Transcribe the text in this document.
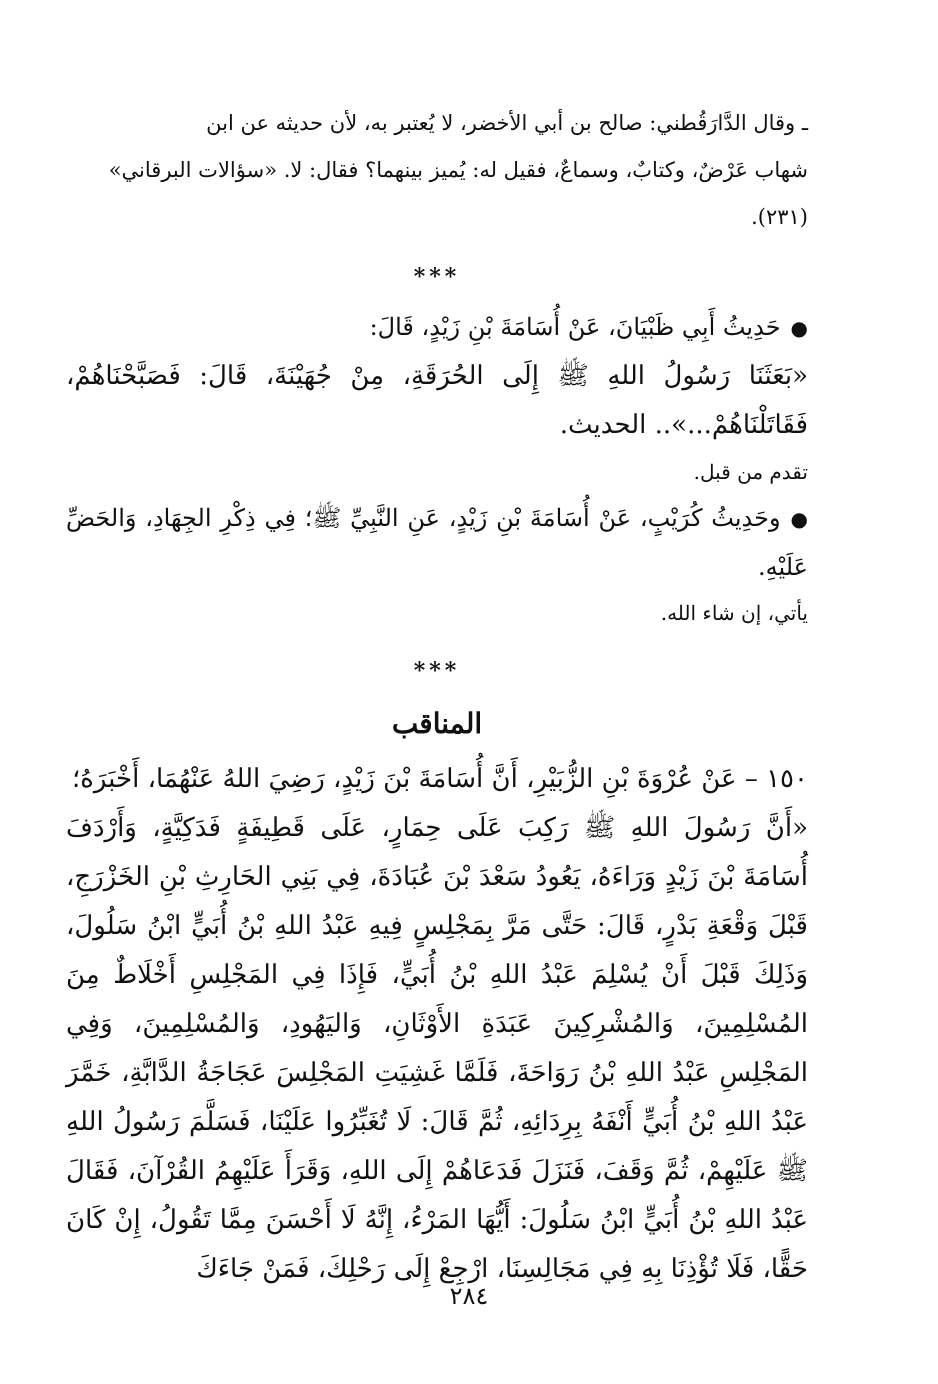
ـ وقال الدَّارَقُطني: صالح بن أبي الأخضر، لا يُعتبر به، لأن حديثه عن ابن

شهاب عَرْضٌ، وكتابٌ، وسماعٌ، فقيل له: يُميز بينهما؟ فقال: لا. «سؤالات البرقاني»

(٢٣١).

***

●حَدِيثُ أَبِي ظَبْيَانَ، عَنْ أُسَامَةَ بْنِ زَيْدٍ، قَالَ:

«بَعَثَنَا رَسُولُ اللهِ ﷺ إِلَى الحُرَقَةِ، مِنْ جُهَيْنَةَ، قَالَ: فَصَبَّحْنَاهُمْ، فَقَاتَلْنَاهُمْ...».. الحديث.

تقدم من قبل.

●وحَدِيثُ كُرَيْبٍ، عَنْ أُسَامَةَ بْنِ زَيْدٍ، عَنِ النَّبِيِّ ﷺ؛ فِي ذِكْرِ الجِهَادِ، وَالحَضِّ عَلَيْهِ.

يأتي، إن شاء الله.

***
المناقب

١٥٠ – عَنْ عُرْوَةَ بْنِ الزُّبَيْرِ، أَنَّ أُسَامَةَ بْنَ زَيْدٍ، رَضِيَ اللهُ عَنْهُمَا، أَخْبَرَهُ؛

«أَنَّ رَسُولَ اللهِ ﷺ رَكِبَ عَلَى حِمَارٍ، عَلَى قَطِيفَةٍ فَدَكِيَّةٍ، وَأَرْدَفَ أُسَامَةَ بْنَ زَيْدٍ وَرَاءَهُ، يَعُودُ سَعْدَ بْنَ عُبَادَةَ، فِي بَنِي الحَارِثِ بْنِ الخَزْرَجِ، قَبْلَ وَقْعَةِ بَدْرٍ، قَالَ: حَتَّى مَرَّ بِمَجْلِسٍ فِيهِ عَبْدُ اللهِ بْنُ أُبَيٍّ ابْنُ سَلُولَ، وَذَلِكَ قَبْلَ أَنْ يُسْلِمَ عَبْدُ اللهِ بْنُ أُبَيٍّ، فَإِذَا فِي المَجْلِسِ أَخْلَاطٌ مِنَ المُسْلِمِينَ، وَالمُشْرِكِينَ عَبَدَةِ الأَوْثَانِ، وَاليَهُودِ، وَالمُسْلِمِينَ، وَفِي المَجْلِسِ عَبْدُ اللهِ بْنُ رَوَاحَةَ، فَلَمَّا غَشِيَتِ المَجْلِسَ عَجَاجَةُ الدَّابَّةِ، خَمَّرَ عَبْدُ اللهِ بْنُ أُبَيٍّ أَنْفَهُ بِرِدَائِهِ، ثُمَّ قَالَ: لَا تُغَبِّرُوا عَلَيْنَا، فَسَلَّمَ رَسُولُ اللهِ ﷺ عَلَيْهِمْ، ثُمَّ وَقَفَ، فَنَزَلَ فَدَعَاهُمْ إِلَى اللهِ، وَقَرَأَ عَلَيْهِمُ القُرْآنَ، فَقَالَ عَبْدُ اللهِ بْنُ أُبَيٍّ ابْنُ سَلُولَ: أَيُّهَا المَرْءُ، إِنَّهُ لَا أَحْسَنَ مِمَّا تَقُولُ، إِنْ كَانَ حَقًّا، فَلَا تُؤْذِنَا بِهِ فِي مَجَالِسِنَا، ارْجِعْ إِلَى رَحْلِكَ، فَمَنْ جَاءَكَ

٢٨٤
